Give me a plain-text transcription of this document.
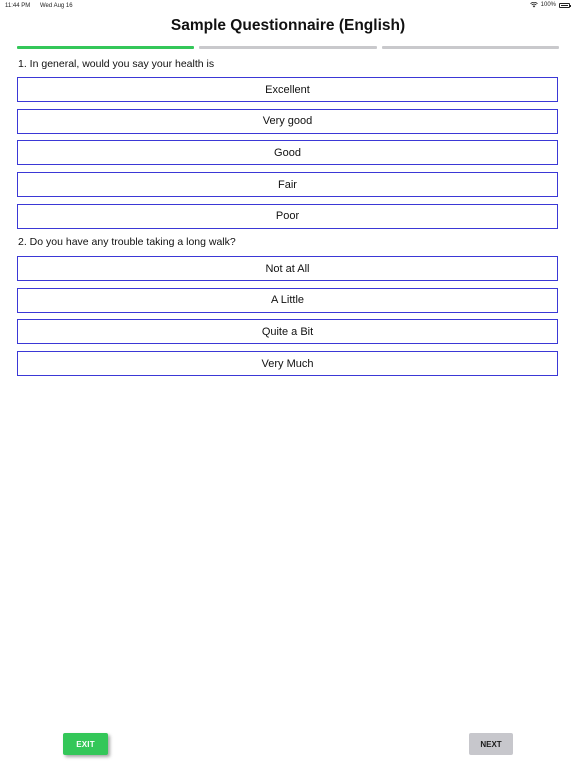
11:44 PM Wed Aug 16	100%
Sample Questionnaire (English)
1. In general, would you say your health is
Excellent
Very good
Good
Fair
Poor
2. Do you have any trouble taking a long walk?
Not at All
A Little
Quite a Bit
Very Much
EXIT	NEXT
